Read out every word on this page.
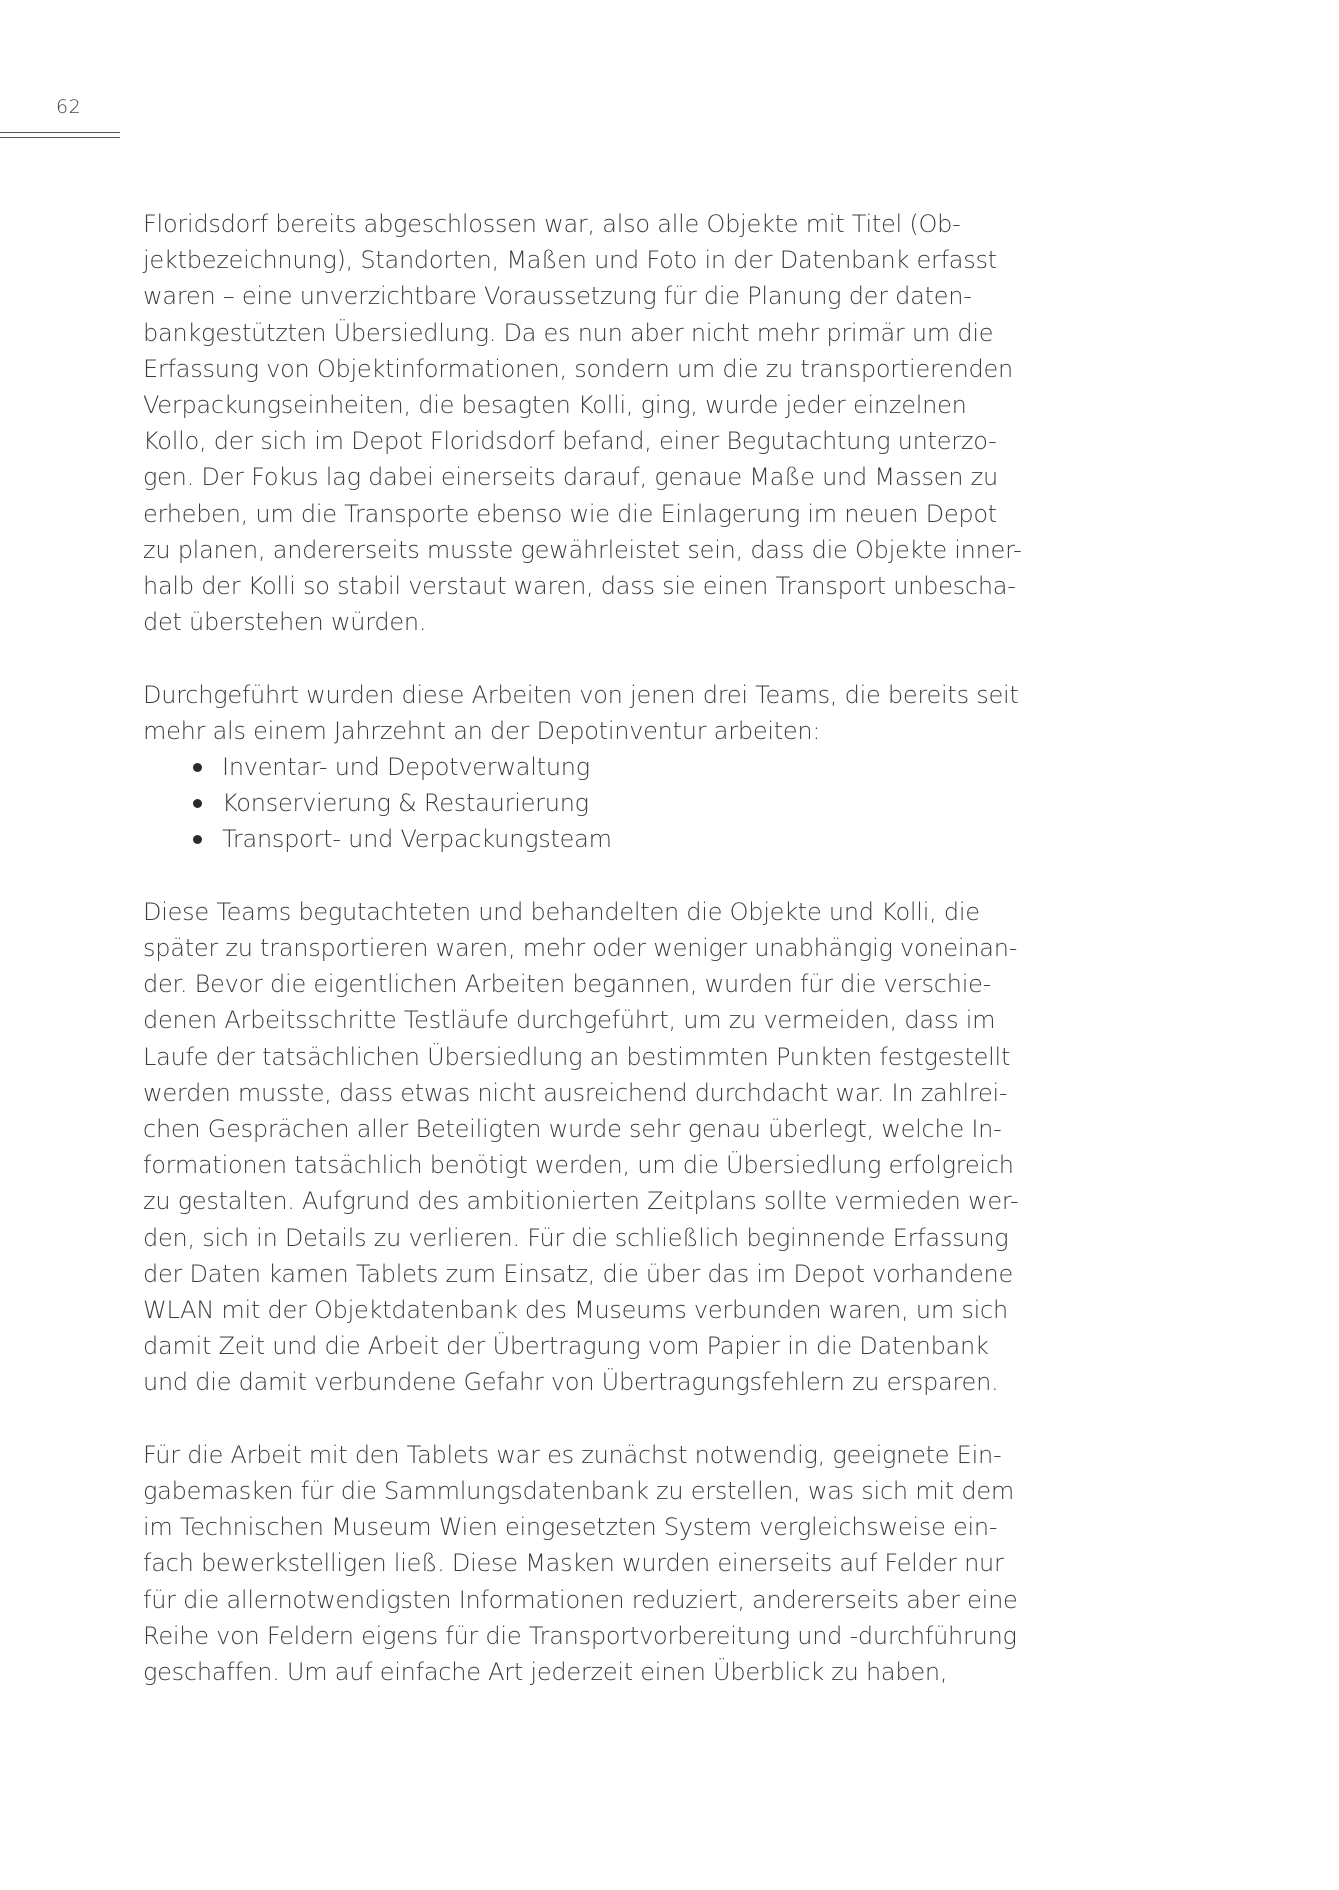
62

Floridsdorf bereits abgeschlossen war, also alle Objekte mit Titel (Ob-
jektbezeichnung), Standorten, Maßen und Foto in der Datenbank erfasst
waren – eine unverzichtbare Voraussetzung für die Planung der daten-
bankgestützten Übersiedlung. Da es nun aber nicht mehr primär um die
Erfassung von Objektinformationen, sondern um die zu transportierenden
Verpackungseinheiten, die besagten Kolli, ging, wurde jeder einzelnen
Kollo, der sich im Depot Floridsdorf befand, einer Begutachtung unterzo-
gen. Der Fokus lag dabei einerseits darauf, genaue Maße und Massen zu
erheben, um die Transporte ebenso wie die Einlagerung im neuen Depot
zu planen, andererseits musste gewährleistet sein, dass die Objekte inner-
halb der Kolli so stabil verstaut waren, dass sie einen Transport unbescha-
det überstehen würden.

Durchgeführt wurden diese Arbeiten von jenen drei Teams, die bereits seit
mehr als einem Jahrzehnt an der Depotinventur arbeiten:

Inventar- und Depotverwaltung
Konservierung & Restaurierung
Transport- und Verpackungsteam

Diese Teams begutachteten und behandelten die Objekte und Kolli, die
später zu transportieren waren, mehr oder weniger unabhängig voneinan-
der. Bevor die eigentlichen Arbeiten begannen, wurden für die verschie-
denen Arbeitsschritte Testläufe durchgeführt, um zu vermeiden, dass im
Laufe der tatsächlichen Übersiedlung an bestimmten Punkten festgestellt
werden musste, dass etwas nicht ausreichend durchdacht war. In zahlrei-
chen Gesprächen aller Beteiligten wurde sehr genau überlegt, welche In-
formationen tatsächlich benötigt werden, um die Übersiedlung erfolgreich
zu gestalten. Aufgrund des ambitionierten Zeitplans sollte vermieden wer-
den, sich in Details zu verlieren. Für die schließlich beginnende Erfassung
der Daten kamen Tablets zum Einsatz, die über das im Depot vorhandene
WLAN mit der Objektdatenbank des Museums verbunden waren, um sich
damit Zeit und die Arbeit der Übertragung vom Papier in die Datenbank
und die damit verbundene Gefahr von Übertragungsfehlern zu ersparen.

Für die Arbeit mit den Tablets war es zunächst notwendig, geeignete Ein-
gabemasken für die Sammlungsdatenbank zu erstellen, was sich mit dem
im Technischen Museum Wien eingesetzten System vergleichsweise ein-
fach bewerkstelligen ließ. Diese Masken wurden einerseits auf Felder nur
für die allernotwendigsten Informationen reduziert, andererseits aber eine
Reihe von Feldern eigens für die Transportvorbereitung und -durchführung
geschaffen. Um auf einfache Art jederzeit einen Überblick zu haben,
